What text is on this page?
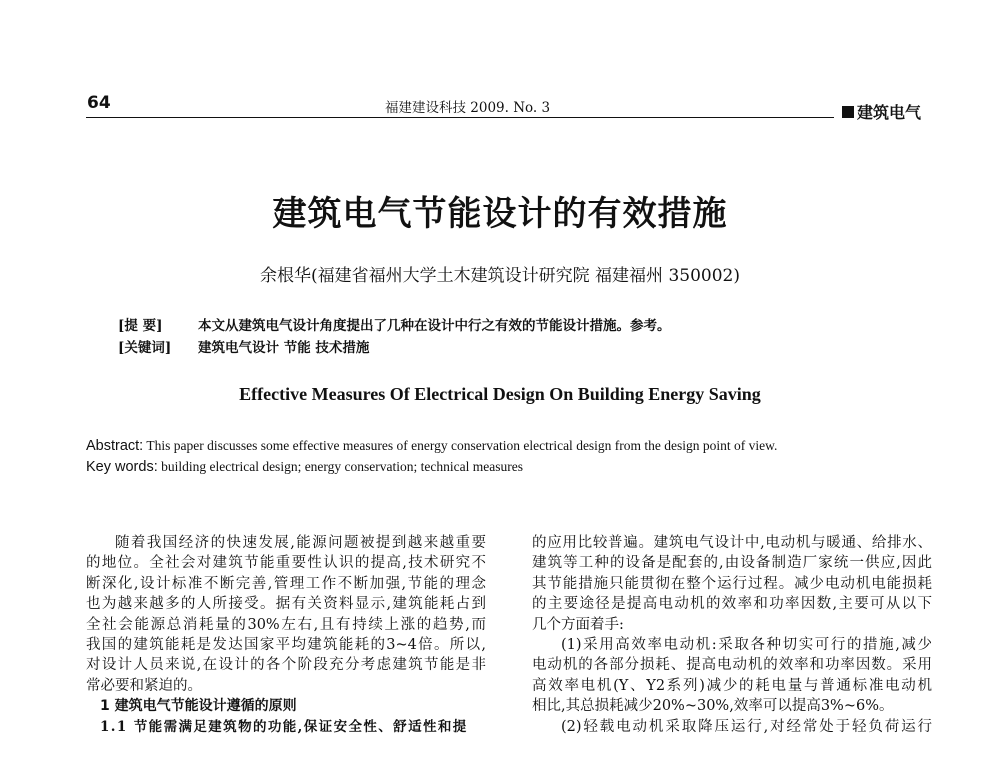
64	福建建设科技 2009. No. 3	建筑电气
建筑电气节能设计的有效措施
余根华(福建省福州大学土木建筑设计研究院 福建福州 350002)
[提 要]	本文从建筑电气设计角度提出了几种在设计中行之有效的节能设计措施。参考。
[关键词]	建筑电气设计 节能 技术措施
Effective Measures Of Electrical Design On Building Energy Saving
Abstract: This paper discusses some effective measures of energy conservation electrical design from the design point of view.
Key words: building electrical design; energy conservation; technical measures

随着我国经济的快速发展,能源问题被提到越来越重要

的地位。全社会对建筑节能重要性认识的提高,技术研究不

断深化,设计标准不断完善,管理工作不断加强,节能的理念

也为越来越多的人所接受。据有关资料显示,建筑能耗占到

全社会能源总消耗量的30%左右,且有持续上涨的趋势,而

我国的建筑能耗是发达国家平均建筑能耗的3~4倍。所以,

对设计人员来说,在设计的各个阶段充分考虑建筑节能是非

常必要和紧迫的。

1 建筑电气节能设计遵循的原则

1.1 节能需满足建筑物的功能,保证安全性、舒适性和提

的应用比较普遍。建筑电气设计中,电动机与暖通、给排水、

建筑等工种的设备是配套的,由设备制造厂家统一供应,因此

其节能措施只能贯彻在整个运行过程。减少电动机电能损耗

的主要途径是提高电动机的效率和功率因数,主要可从以下

几个方面着手:

(1)采用高效率电动机:采取各种切实可行的措施,减少

电动机的各部分损耗、提高电动机的效率和功率因数。采用

高效率电机(Y、Y2系列)减少的耗电量与普通标准电动机

相比,其总损耗减少20%~30%,效率可以提高3%~6%。

(2)轻载电动机采取降压运行,对经常处于轻负荷运行
